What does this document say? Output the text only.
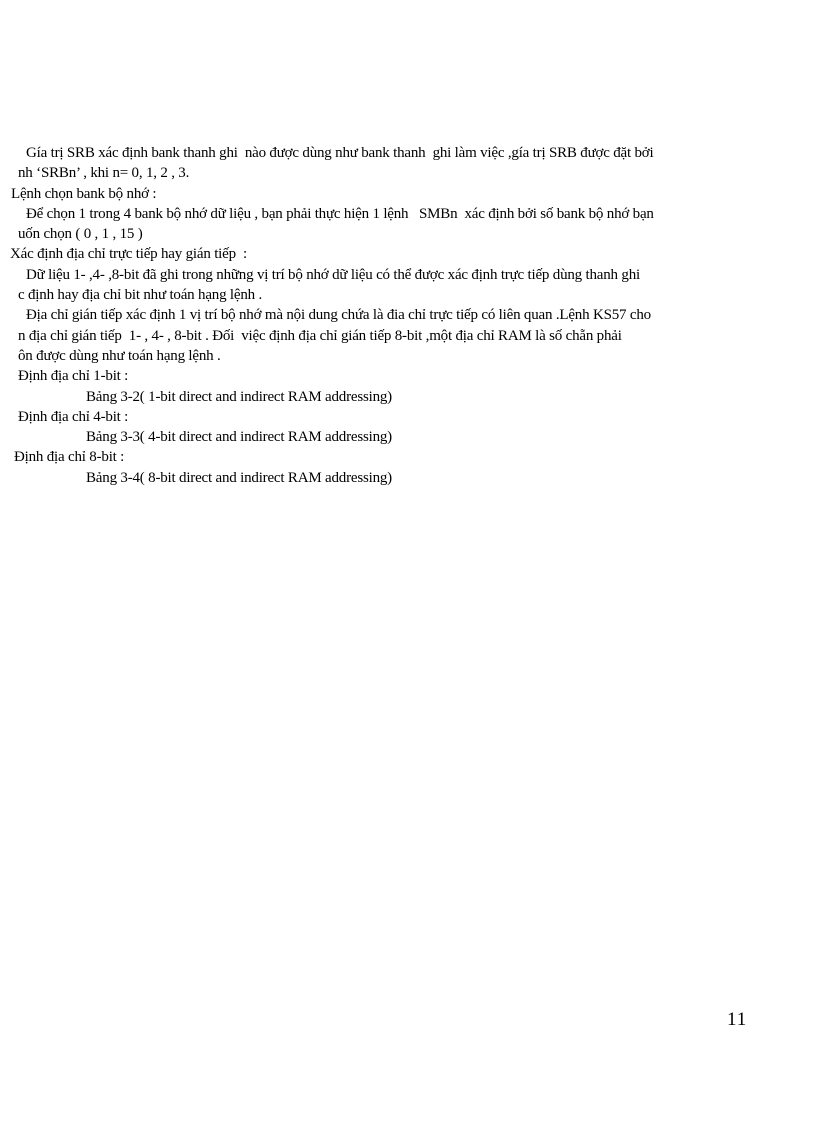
Gía trị SRB xác định bank thanh ghi  nào được dùng như bank thanh  ghi làm việc ,gía trị SRB được đặt bởi
nh ‘SRBn’ , khi n= 0, 1, 2 , 3.
Lệnh chọn bank bộ nhớ :
Để chọn 1 trong 4 bank bộ nhớ dữ liệu , bạn phải thực hiện 1 lệnh   SMBn  xác định bởi số bank bộ nhớ bạn
uốn chọn ( 0 , 1 , 15 )
Xác định địa chỉ trực tiếp hay gián tiếp  :
Dữ liệu 1- ,4- ,8-bit đã ghi trong những vị trí bộ nhớ dữ liệu có thể được xác định trực tiếp dùng thanh ghi
c định hay địa chỉ bit như toán hạng lệnh .
Địa chỉ gián tiếp xác định 1 vị trí bộ nhớ mà nội dung chứa là đia chỉ trực tiếp có liên quan .Lệnh KS57 cho
n địa chỉ gián tiếp  1- , 4- , 8-bit . Đối  việc định địa chỉ gián tiếp 8-bit ,một địa chỉ RAM là số chẵn phải
ôn được dùng như toán hạng lệnh .
Định địa chỉ 1-bit :
Bảng 3-2( 1-bit direct and indirect RAM addressing)
Định địa chỉ 4-bit :
Bảng 3-3( 4-bit direct and indirect RAM addressing)
Định địa chỉ 8-bit :
Bảng 3-4( 8-bit direct and indirect RAM addressing)
11
